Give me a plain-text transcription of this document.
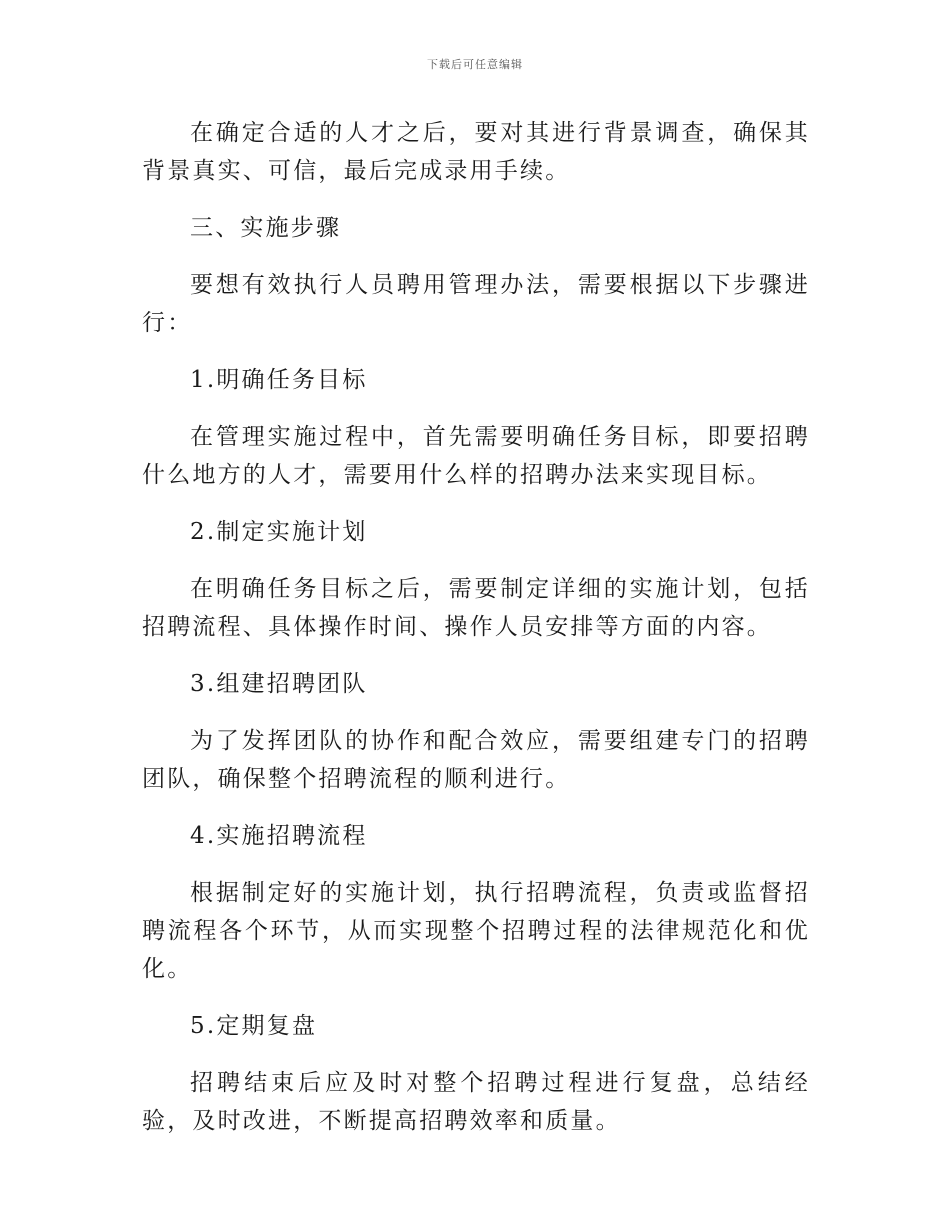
下载后可任意编辑

在确定合适的人才之后，要对其进行背景调查，确保其背景真实、可信，最后完成录用手续。

三、实施步骤

要想有效执行人员聘用管理办法，需要根据以下步骤进行：

1.明确任务目标

在管理实施过程中，首先需要明确任务目标，即要招聘什么地方的人才，需要用什么样的招聘办法来实现目标。

2.制定实施计划

在明确任务目标之后，需要制定详细的实施计划，包括招聘流程、具体操作时间、操作人员安排等方面的内容。

3.组建招聘团队

为了发挥团队的协作和配合效应，需要组建专门的招聘团队，确保整个招聘流程的顺利进行。

4.实施招聘流程

根据制定好的实施计划，执行招聘流程，负责或监督招聘流程各个环节，从而实现整个招聘过程的法律规范化和优化。

5.定期复盘

招聘结束后应及时对整个招聘过程进行复盘，总结经验，及时改进，不断提高招聘效率和质量。
